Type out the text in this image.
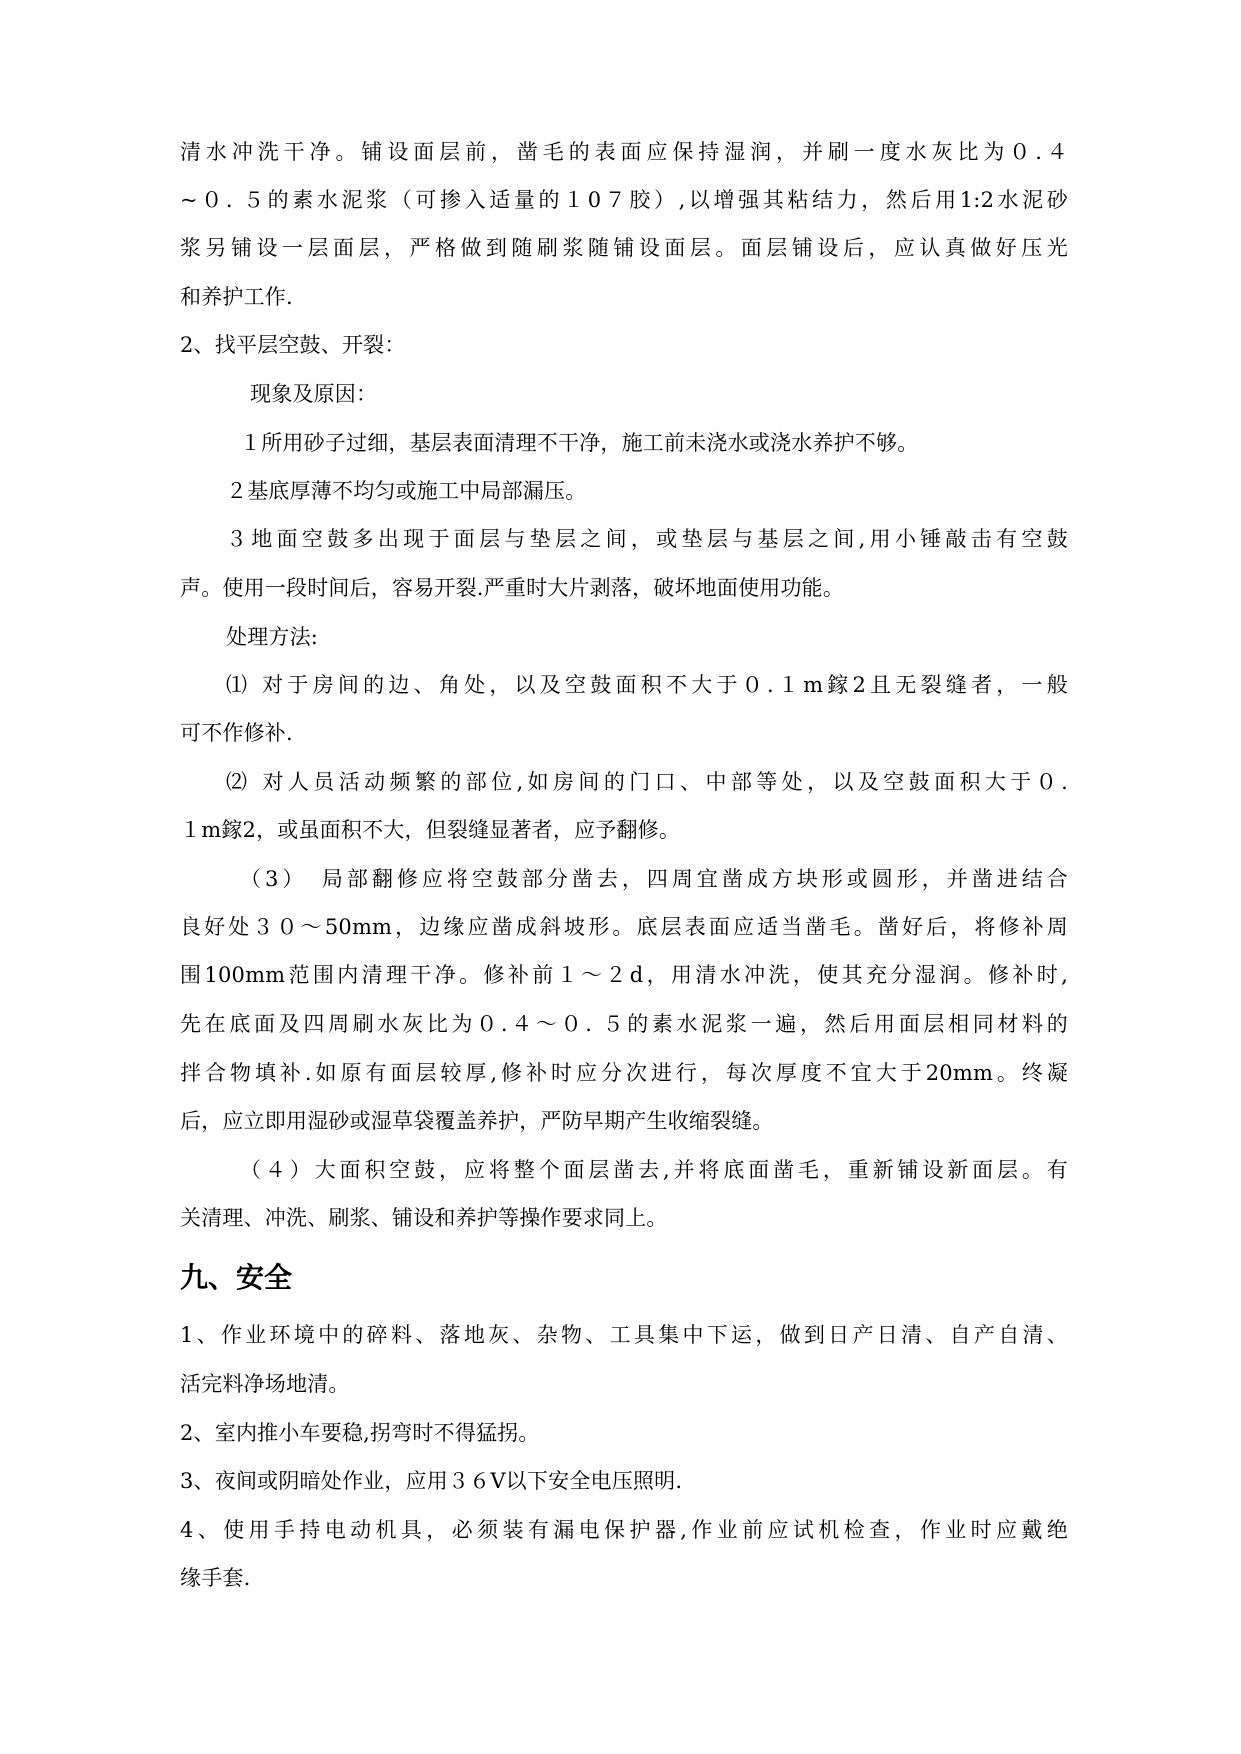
清水冲洗干净。铺设面层前，凿毛的表面应保持湿润，并刷一度水灰比为０.４

~０. ５的素水泥浆（可掺入适量的１0７胶）,以增强其粘结力，然后用1:2水泥砂

浆另铺设一层面层，严格做到随刷浆随铺设面层。面层铺设后，应认真做好压光

和养护工作.

2、找平层空鼓、开裂：

现象及原因：

１所用砂子过细，基层表面清理不干净，施工前未浇水或浇水养护不够。

２基底厚薄不均匀或施工中局部漏压。

３地面空鼓多出现于面层与垫层之间，或垫层与基层之间,用小锤敲击有空鼓

声。使用一段时间后，容易开裂.严重时大片剥落，破坏地面使用功能。

处理方法:

⑴ 对于房间的边、角处，以及空鼓面积不大于０.１m鎵2且无裂缝者，一般

可不作修补.

⑵ 对人员活动频繁的部位,如房间的门口、中部等处，以及空鼓面积大于０.

１m鎵2，或虽面积不大，但裂缝显著者，应予翻修。

（3）　局部翻修应将空鼓部分凿去，四周宜凿成方块形或圆形，并凿进结合

良好处３０～50mm，边缘应凿成斜坡形。底层表面应适当凿毛。凿好后，将修补周

围100mm范围内清理干净。修补前１～２d，用清水冲洗，使其充分湿润。修补时,

先在底面及四周刷水灰比为０.４～０. ５的素水泥浆一遍，然后用面层相同材料的

拌合物填补.如原有面层较厚,修补时应分次进行，每次厚度不宜大于20mm。终凝

后，应立即用湿砂或湿草袋覆盖养护，严防早期产生收缩裂缝。

（４）大面积空鼓，应将整个面层凿去,并将底面凿毛，重新铺设新面层。有

关清理、冲洗、刷浆、铺设和养护等操作要求同上。

九、安全

1、作业环境中的碎料、落地灰、杂物、工具集中下运，做到日产日清、自产自清、

活完料净场地清。

2、室内推小车要稳,拐弯时不得猛拐。

3、夜间或阴暗处作业，应用３６V以下安全电压照明.

4、使用手持电动机具，必须装有漏电保护器,作业前应试机检查，作业时应戴绝

缘手套.
